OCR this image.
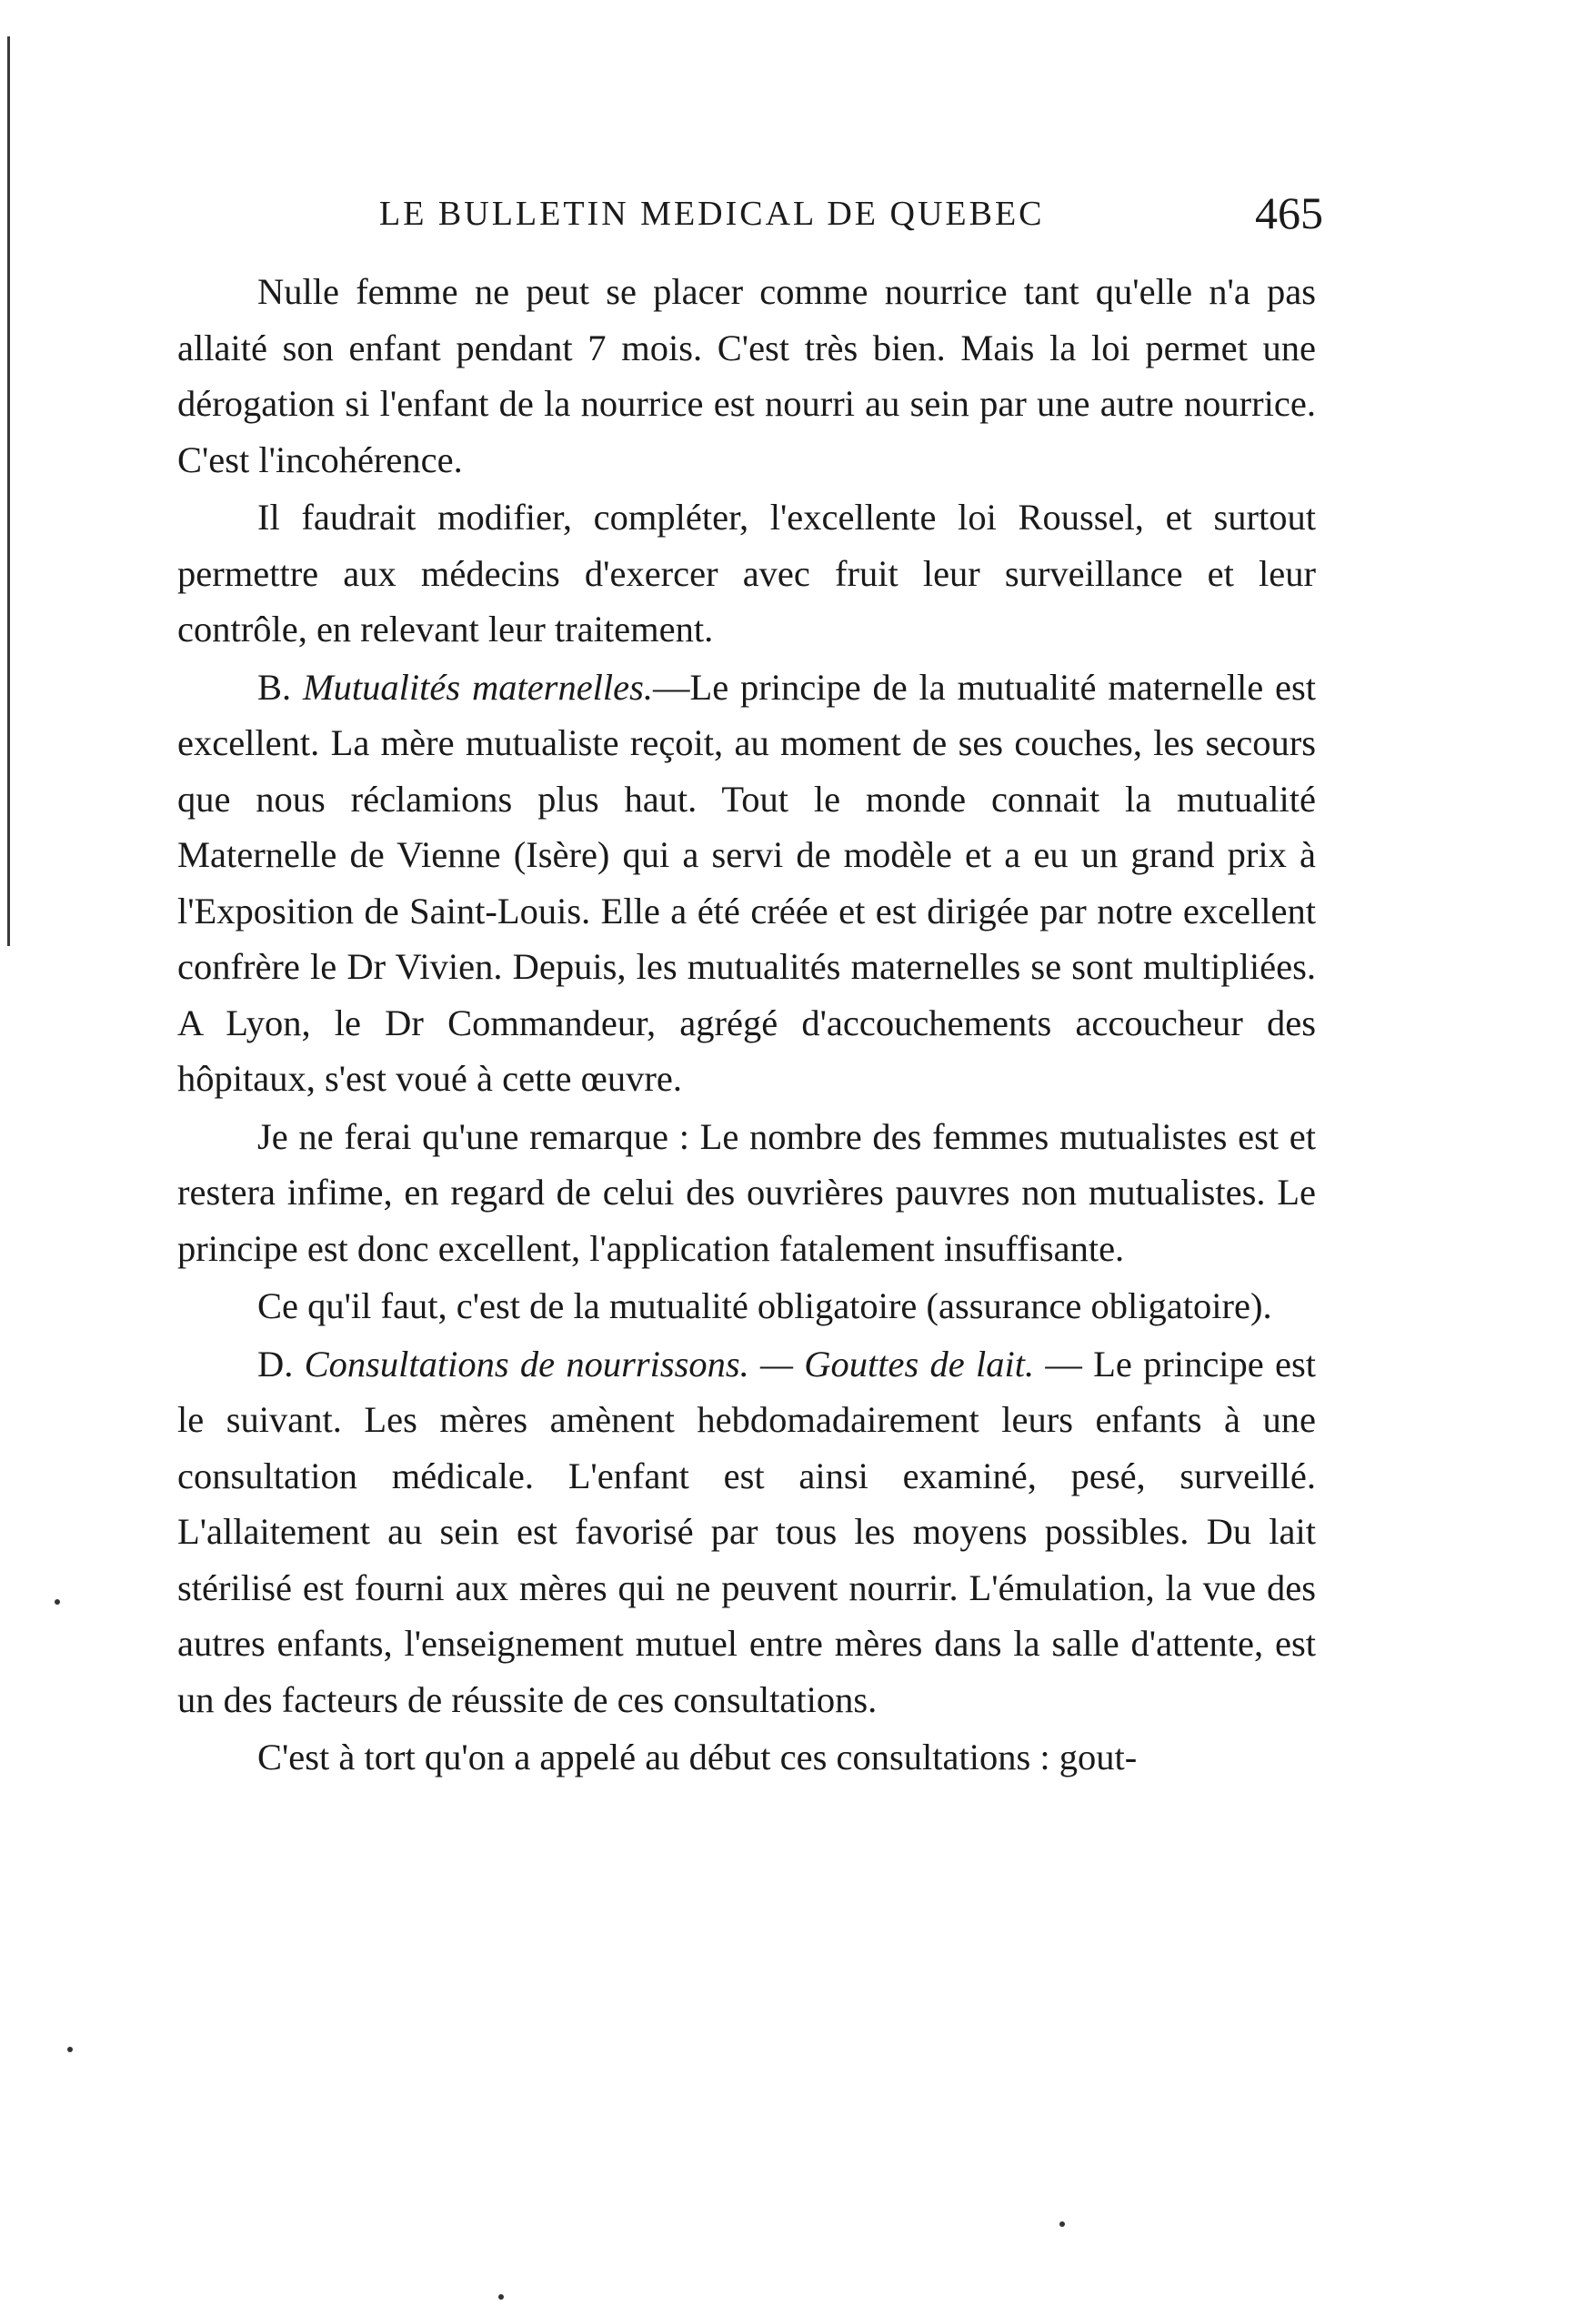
LE BULLETIN MEDICAL DE QUEBEC	465

Nulle femme ne peut se placer comme nourrice tant qu'elle n'a pas allaité son enfant pendant 7 mois. C'est très bien. Mais la loi permet une dérogation si l'enfant de la nourrice est nourri au sein par une autre nourrice. C'est l'incohérence.

Il faudrait modifier, compléter, l'excellente loi Roussel, et surtout permettre aux médecins d'exercer avec fruit leur surveillance et leur contrôle, en relevant leur traitement.

B. Mutualités maternelles.—Le principe de la mutualité maternelle est excellent. La mère mutualiste reçoit, au moment de ses couches, les secours que nous réclamions plus haut. Tout le monde connait la mutualité Maternelle de Vienne (Isère) qui a servi de modèle et a eu un grand prix à l'Exposition de Saint-Louis. Elle a été créée et est dirigée par notre excellent confrère le Dr Vivien. Depuis, les mutualités maternelles se sont multipliées. A Lyon, le Dr Commandeur, agrégé d'accouchements accoucheur des hôpitaux, s'est voué à cette œuvre.

Je ne ferai qu'une remarque : Le nombre des femmes mutualistes est et restera infime, en regard de celui des ouvrières pauvres non mutualistes. Le principe est donc excellent, l'application fatalement insuffisante.

Ce qu'il faut, c'est de la mutualité obligatoire (assurance obligatoire).

D. Consultations de nourrissons. — Gouttes de lait. — Le principe est le suivant. Les mères amènent hebdomadairement leurs enfants à une consultation médicale. L'enfant est ainsi examiné, pesé, surveillé. L'allaitement au sein est favorisé par tous les moyens possibles. Du lait stérilisé est fourni aux mères qui ne peuvent nourrir. L'émulation, la vue des autres enfants, l'enseignement mutuel entre mères dans la salle d'attente, est un des facteurs de réussite de ces consultations.

C'est à tort qu'on a appelé au début ces consultations : gout-
